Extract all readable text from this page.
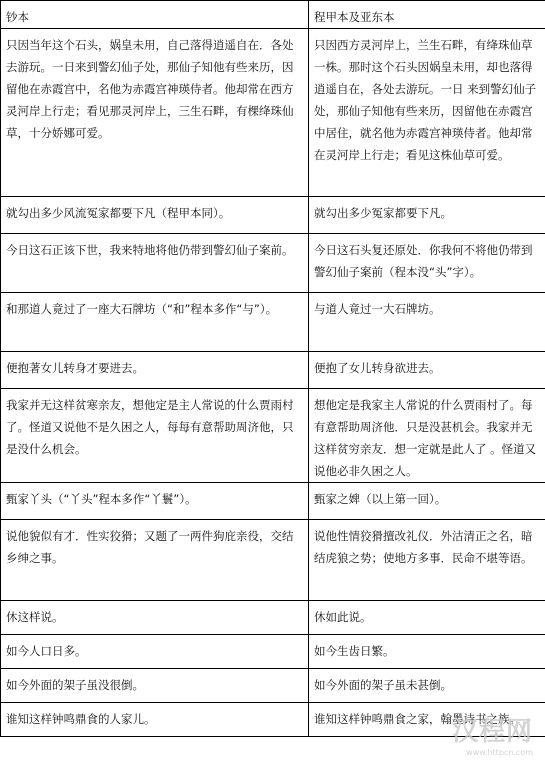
钞本	程甲本及亚东本
只因当年这个石头，娲皇未用，自己落得逍遥自在．各处去游玩。一日来到警幻仙子处，那仙子知他有些来历，因留他在赤霞宫中，名他为赤霞宫神瑛侍者。他却常在西方灵河岸上行走；看见那灵河岸上，三生石畔，有棵绛珠仙草，十分娇娜可爱。	只因西方灵河岸上，兰生石畔，有绛珠仙草一株。那时这个石头因娲皇未用，却也落得逍遥自在，各处去游玩。一日 来到警幻仙子处，那仙子知他有些来历，因留他在赤霞宫中居住，就名他为赤霞宫神瑛侍者。他却常在灵河岸上行走；看见这株仙草可爱。
就勾出多少风流冤家都要下凡（程甲本同）。	就勾出多少冤家都要下凡。
今日这石正该下世，我来特地将他仍带到警幻仙子案前。	今日这石头复还原处．你我何不将他仍带到警幻仙子案前（程本没“头”字）。
和那道人竟过了一座大石牌坊（“和”程本多作“与”）。	与道人竟过一大石牌坊。
便抱著女儿转身才要进去。	便抱了女儿转身欲进去。
我家并无这样贫寒亲友，想他定是主人常说的什么贾雨村了。怪道又说他不是久困之人，每每有意帮助周济他，只是没什么机会。	想他定是我家主人常说的什么贾雨村了。每有意帮助周济他．只是没甚机会。我家并无这样贫穷亲友．想一定就是此人了 。怪道又说他必非久困之人。
甄家丫头（“丫头”程本多作“丫鬟”）。	甄家之婢（以上第一回）。
说他貌似有才．性实狡猾；又题了一两件狗庇亲役，交结乡绅之事。	说他性情狡猾擅改礼仪．外沽清正之名，暗结虎狼之势；使地方多事．民命不堪等语。
休这样说。	休如此说。
如今人口日多。	如今生齿日繁。
如今外面的架子虽没很倒。	如今外面的架子虽未甚倒。
谁知这样钟鸣鼎食的人家儿。	谁知这样钟鸣鼎食之家，翰墨诗书之族。
汉程网
www.httpcn.com
